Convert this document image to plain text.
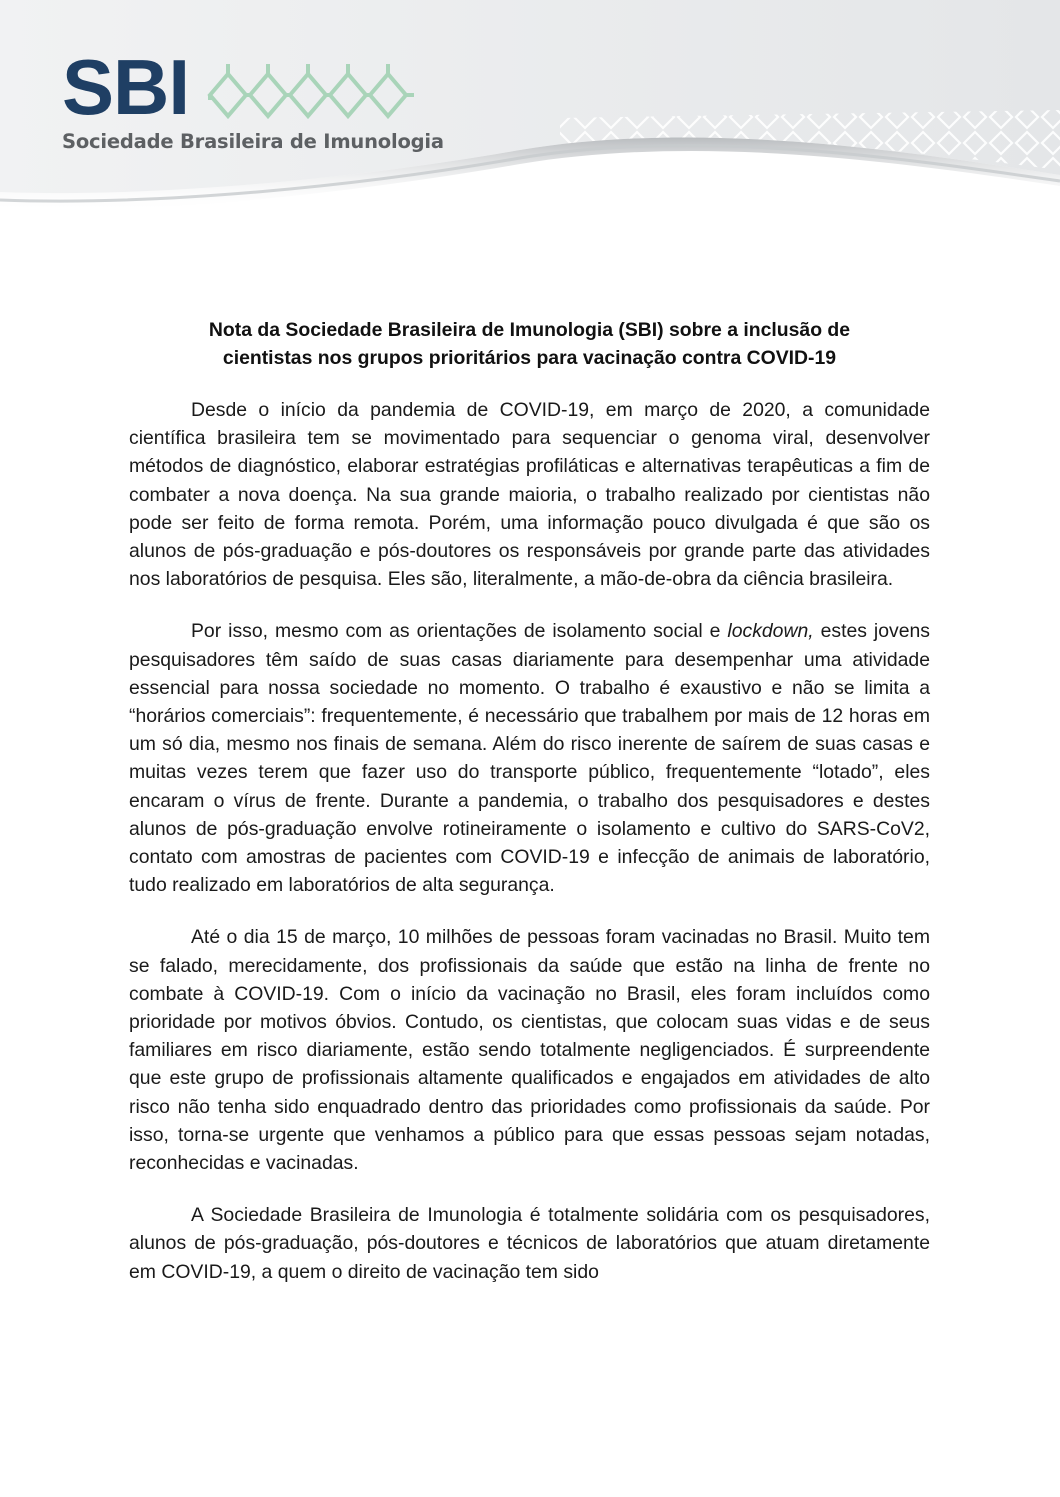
SBI
Sociedade Brasileira de Imunologia
Nota da Sociedade Brasileira de Imunologia (SBI) sobre a inclusão de
cientistas nos grupos prioritários para vacinação contra COVID-19

Desde o início da pandemia de COVID-19, em março de 2020, a comunidade científica brasileira tem se movimentado para sequenciar o genoma viral, desenvolver métodos de diagnóstico, elaborar estratégias profiláticas e alternativas terapêuticas a fim de combater a nova doença. Na sua grande maioria, o trabalho realizado por cientistas não pode ser feito de forma remota. Porém, uma informação pouco divulgada é que são os alunos de pós-graduação e pós-doutores os responsáveis por grande parte das atividades nos laboratórios de pesquisa. Eles são, literalmente, a mão-de-obra da ciência brasileira.

Por isso, mesmo com as orientações de isolamento social e lockdown, estes jovens pesquisadores têm saído de suas casas diariamente para desempenhar uma atividade essencial para nossa sociedade no momento. O trabalho é exaustivo e não se limita a “horários comerciais”: frequentemente, é necessário que trabalhem por mais de 12 horas em um só dia, mesmo nos finais de semana. Além do risco inerente de saírem de suas casas e muitas vezes terem que fazer uso do transporte público, frequentemente “lotado”, eles encaram o vírus de frente. Durante a pandemia, o trabalho dos pesquisadores e destes alunos de pós-graduação envolve rotineiramente o isolamento e cultivo do SARS-CoV2, contato com amostras de pacientes com COVID-19 e infecção de animais de laboratório, tudo realizado em laboratórios de alta segurança.

Até o dia 15 de março, 10 milhões de pessoas foram vacinadas no Brasil. Muito tem se falado, merecidamente, dos profissionais da saúde que estão na linha de frente no combate à COVID-19. Com o início da vacinação no Brasil, eles foram incluídos como prioridade por motivos óbvios. Contudo, os cientistas, que colocam suas vidas e de seus familiares em risco diariamente, estão sendo totalmente negligenciados. É surpreendente que este grupo de profissionais altamente qualificados e engajados em atividades de alto risco não tenha sido enquadrado dentro das prioridades como profissionais da saúde. Por isso, torna-se urgente que venhamos a público para que essas pessoas sejam notadas, reconhecidas e vacinadas.

A Sociedade Brasileira de Imunologia é totalmente solidária com os pesquisadores, alunos de pós-graduação, pós-doutores e técnicos de laboratórios que atuam diretamente em COVID-19, a quem o direito de vacinação tem sido
